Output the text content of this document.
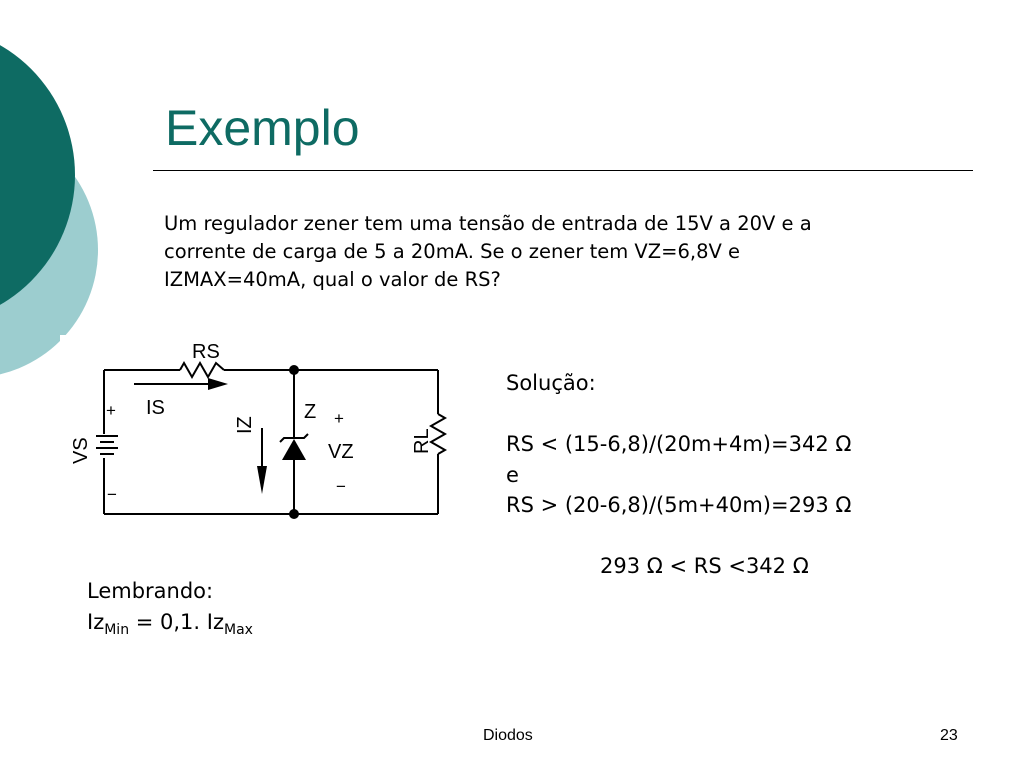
Exemplo
Um regulador zener tem uma tensão de entrada de 15V a 20V e a
corrente de carga de 5 a 20mA. Se o zener tem VZ=6,8V e
IZMAX=40mA, qual o valor de RS?
RS
IS	Z
VZ
+
−
+
−
IZ
VS	RL
Solução:
RS < (15-6,8)/(20m+4m)=342 Ω
e
RS > (20-6,8)/(5m+40m)=293 Ω
293 Ω < RS <342 Ω
Lembrando:
$Iz_{Min} = 0,1$. $Iz_{Max}$
Diodos	23
